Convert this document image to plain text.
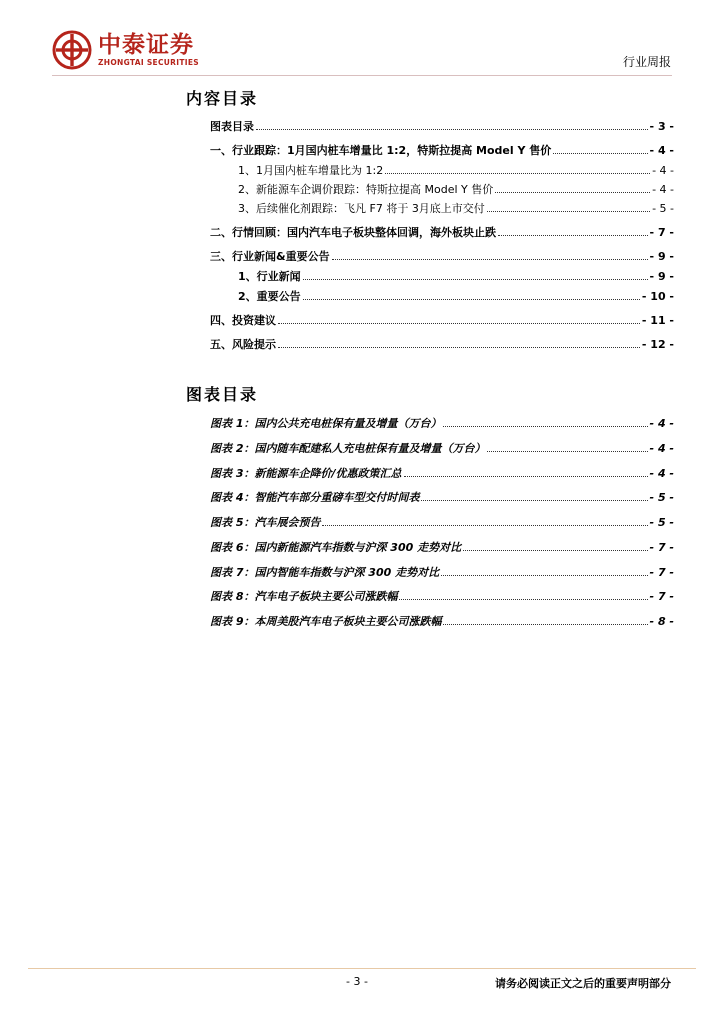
中泰证券
ZHONGTAI SECURITIES	行业周报
内容目录
图表目录	- 3 -
一、行业跟踪：1月国内桩车增量比 1:2，特斯拉提高 Model Y 售价	- 4 -
1、1月国内桩车增量比为 1:2	- 4 -
2、新能源车企调价跟踪：特斯拉提高 Model Y 售价	- 4 -
3、后续催化剂跟踪：飞凡 F7 将于 3月底上市交付	- 5 -
二、行情回顾：国内汽车电子板块整体回调，海外板块止跌	- 7 -
三、行业新闻&重要公告	- 9 -
1、行业新闻	- 9 -
2、重要公告	- 10 -
四、投资建议	- 11 -
五、风险提示	- 12 -
图表目录
图表 1：国内公共充电桩保有量及增量（万台）	- 4 -
图表 2：国内随车配建私人充电桩保有量及增量（万台）	- 4 -
图表 3：新能源车企降价/优惠政策汇总	- 4 -
图表 4：智能汽车部分重磅车型交付时间表	- 5 -
图表 5：汽车展会预告	- 5 -
图表 6：国内新能源汽车指数与沪深 300 走势对比	- 7 -
图表 7：国内智能车指数与沪深 300 走势对比	- 7 -
图表 8：汽车电子板块主要公司涨跌幅	- 7 -
图表 9：本周美股汽车电子板块主要公司涨跌幅	- 8 -
- 3 -	请务必阅读正文之后的重要声明部分
